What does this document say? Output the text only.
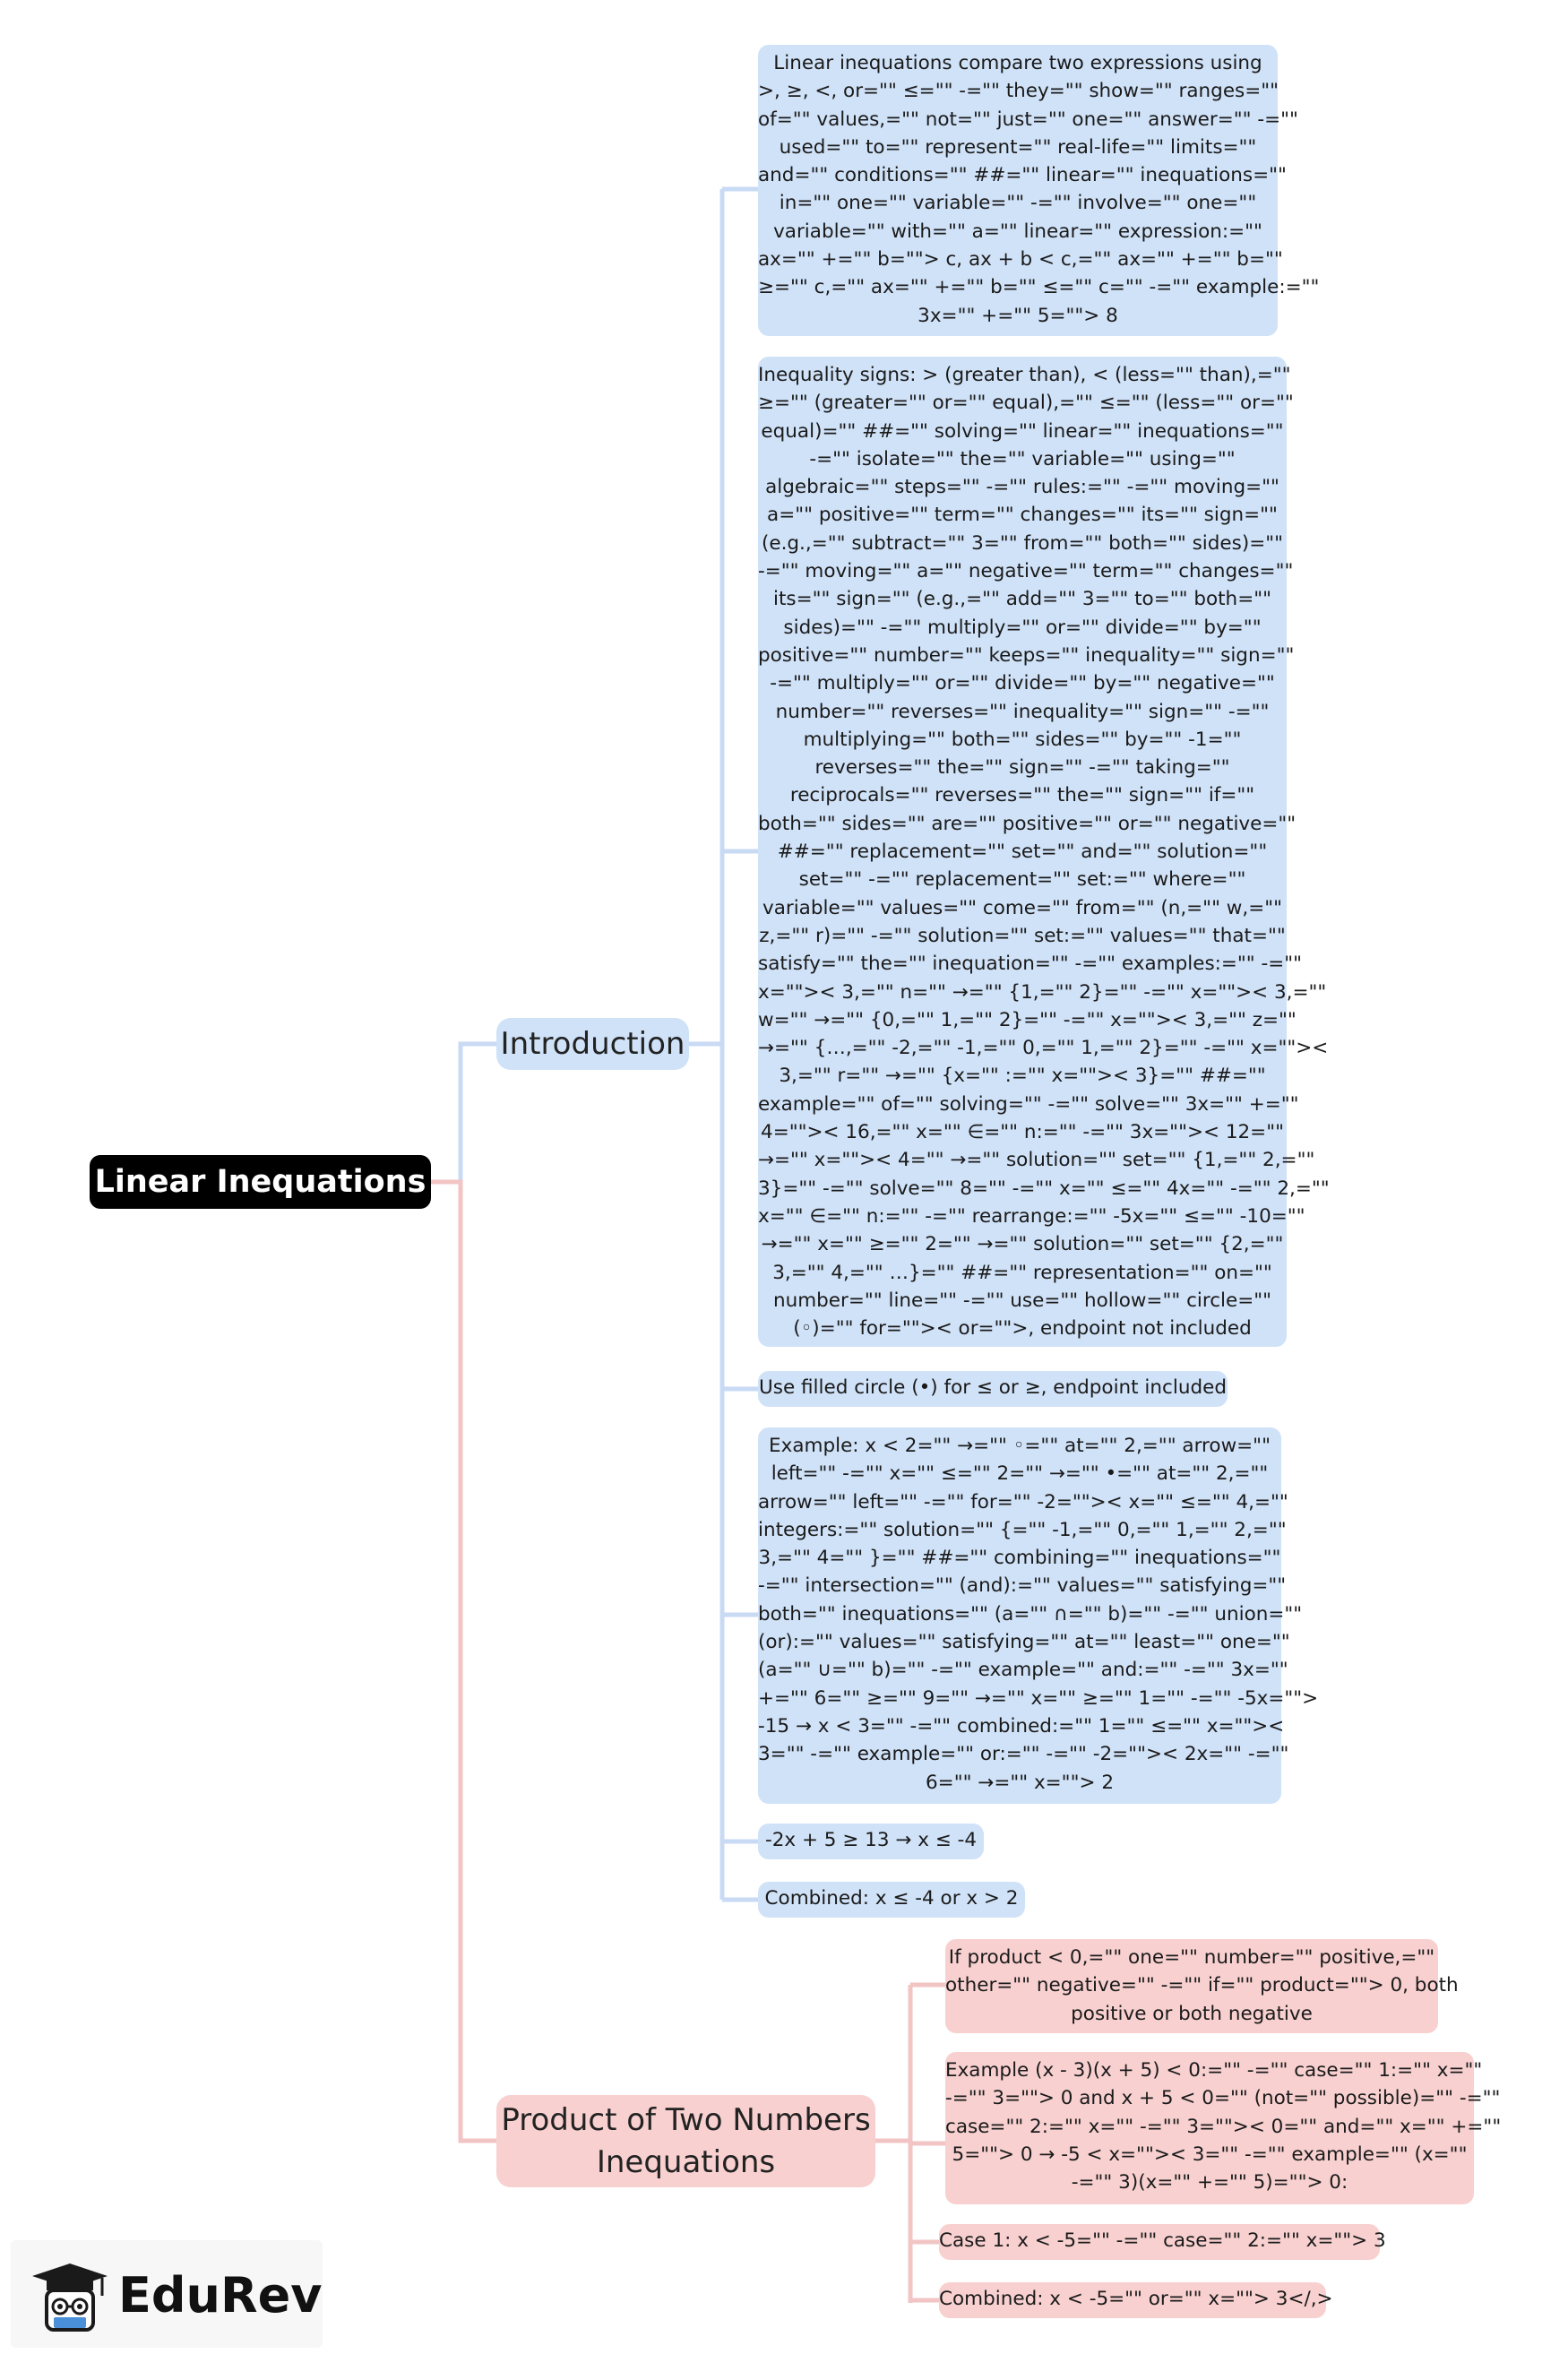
Linear Inequations
Introduction
Product of Two Numbers
Inequations
Linear inequations compare two expressions using
>, ≥, <, or="" ≤="" -="" they="" show="" ranges=""
of="" values,="" not="" just="" one="" answer="" -=""
used="" to="" represent="" real-life="" limits=""
and="" conditions="" ##="" linear="" inequations=""
in="" one="" variable="" -="" involve="" one=""
variable="" with="" a="" linear="" expression:=""
ax="" +="" b=""> c, ax + b < c,="" ax="" +="" b=""
≥="" c,="" ax="" +="" b="" ≤="" c="" -="" example:=""
3x="" +="" 5=""> 8
Inequality signs: > (greater than), < (less="" than),=""
≥="" (greater="" or="" equal),="" ≤="" (less="" or=""
equal)="" ##="" solving="" linear="" inequations=""
-="" isolate="" the="" variable="" using=""
algebraic="" steps="" -="" rules:="" -="" moving=""
a="" positive="" term="" changes="" its="" sign=""
(e.g.,="" subtract="" 3="" from="" both="" sides)=""
-="" moving="" a="" negative="" term="" changes=""
its="" sign="" (e.g.,="" add="" 3="" to="" both=""
sides)="" -="" multiply="" or="" divide="" by=""
positive="" number="" keeps="" inequality="" sign=""
-="" multiply="" or="" divide="" by="" negative=""
number="" reverses="" inequality="" sign="" -=""
multiplying="" both="" sides="" by="" -1=""
reverses="" the="" sign="" -="" taking=""
reciprocals="" reverses="" the="" sign="" if=""
both="" sides="" are="" positive="" or="" negative=""
##="" replacement="" set="" and="" solution=""
set="" -="" replacement="" set:="" where=""
variable="" values="" come="" from="" (n,="" w,=""
z,="" r)="" -="" solution="" set:="" values="" that=""
satisfy="" the="" inequation="" -="" examples:="" -=""
x="">< 3,="" n="" →="" {1,="" 2}="" -="" x="">< 3,=""
w="" →="" {0,="" 1,="" 2}="" -="" x="">< 3,="" z=""
→="" {…,="" -2,="" -1,="" 0,="" 1,="" 2}="" -="" x=""><
3,="" r="" →="" {x="" :="" x="">< 3}="" ##=""
example="" of="" solving="" -="" solve="" 3x="" +=""
4="">< 16,="" x="" ∈="" n:="" -="" 3x="">< 12=""
→="" x="">< 4="" →="" solution="" set="" {1,="" 2,=""
3}="" -="" solve="" 8="" -="" x="" ≤="" 4x="" -="" 2,=""
x="" ∈="" n:="" -="" rearrange:="" -5x="" ≤="" -10=""
→="" x="" ≥="" 2="" →="" solution="" set="" {2,=""
3,="" 4,="" …}="" ##="" representation="" on=""
number="" line="" -="" use="" hollow="" circle=""
(◦)="" for="">< or="">, endpoint not included
Use filled circle (•) for ≤ or ≥, endpoint included
Example: x < 2="" →="" ◦="" at="" 2,="" arrow=""
left="" -="" x="" ≤="" 2="" →="" •="" at="" 2,=""
arrow="" left="" -="" for="" -2="">< x="" ≤="" 4,=""
integers:="" solution="" {="" -1,="" 0,="" 1,="" 2,=""
3,="" 4="" }="" ##="" combining="" inequations=""
-="" intersection="" (and):="" values="" satisfying=""
both="" inequations="" (a="" ∩="" b)="" -="" union=""
(or):="" values="" satisfying="" at="" least="" one=""
(a="" ∪="" b)="" -="" example="" and:="" -="" 3x=""
+="" 6="" ≥="" 9="" →="" x="" ≥="" 1="" -="" -5x="">
-15 → x < 3="" -="" combined:="" 1="" ≤="" x=""><
3="" -="" example="" or:="" -="" -2="">< 2x="" -=""
6="" →="" x=""> 2
-2x + 5 ≥ 13 → x ≤ -4
Combined: x ≤ -4 or x > 2
If product < 0,="" one="" number="" positive,=""
other="" negative="" -="" if="" product=""> 0, both
positive or both negative
Example (x - 3)(x + 5) < 0:="" -="" case="" 1:="" x=""
-="" 3=""> 0 and x + 5 < 0="" (not="" possible)="" -=""
case="" 2:="" x="" -="" 3="">< 0="" and="" x="" +=""
5=""> 0 → -5 < x="">< 3="" -="" example="" (x=""
-="" 3)(x="" +="" 5)=""> 0:
Case 1: x < -5="" -="" case="" 2:="" x=""> 3
Combined: x < -5="" or="" x=""> 3</,>
EduRev
